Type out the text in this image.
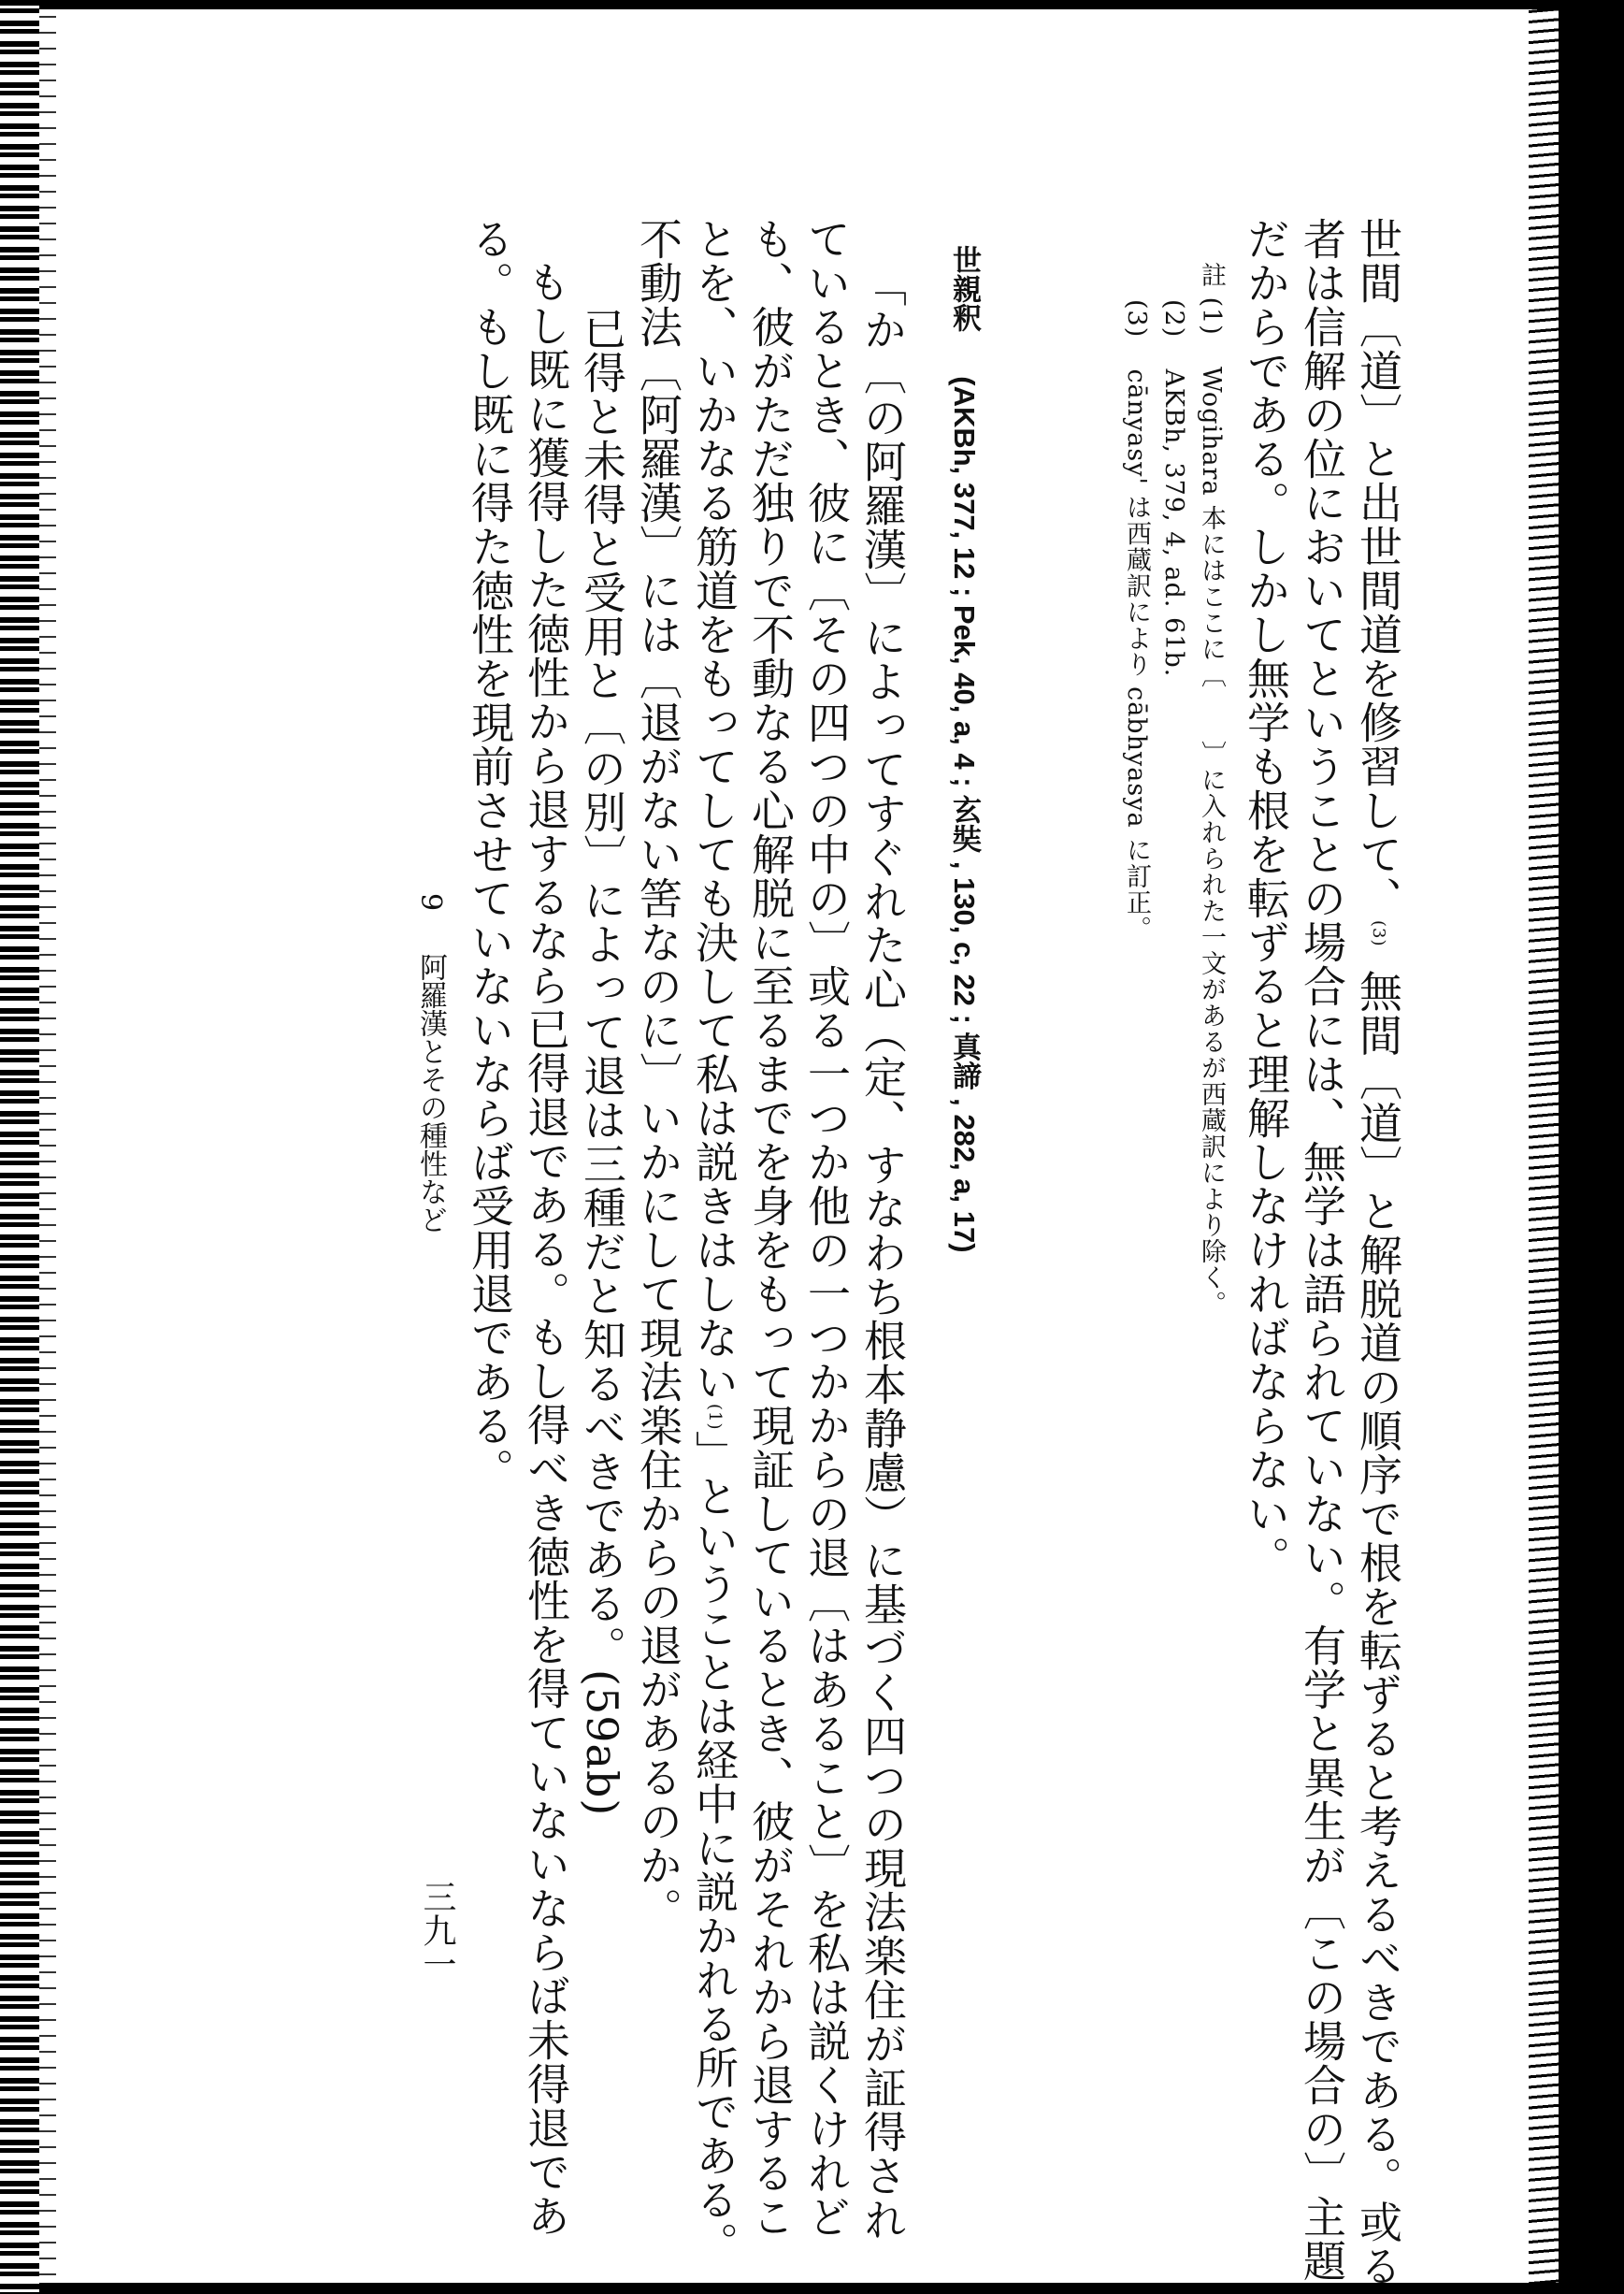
世間〔道〕と出世間道を修習して、(3)無間〔道〕と解脱道の順序で根を転ずると考えるべきである。或る
者は信解の位においてということの場合には、無学は語られていない。有学と異生が〔この場合の〕主題
だからである。しかし無学も根を転ずると理解しなければならない。
註 (1)  Wogihara 本にはここに〔　　〕に入れられた一文があるが西蔵訳により除く。
(2)  AKBh, 379, 4, ad. 61b.
(3)  cānyasy' は西蔵訳により cābhyasya に訂正。
世親釈  (AKBh, 377, 12 ; Pek, 40, a, 4 ; 玄奘 , 130, c, 22 ; 真諦 , 282, a, 17)
「か〔の阿羅漢〕によってすぐれた心（定、すなわち根本静慮）に基づく四つの現法楽住が証得され
ているとき、彼に〔その四つの中の〕或る一つか他の一つかからの退〔はあること〕を私は説くけれど
も、彼がただ独りで不動なる心解脱に至るまでを身をもって現証しているとき、彼がそれから退するこ
とを、いかなる筋道をもってしても決して私は説きはしない(1)」ということは経中に説かれる所である。
不動法〔阿羅漢〕には〔退がない筈なのに〕いかにして現法楽住からの退があるのか。
已得と未得と受用と〔の別〕によって退は三種だと知るべきである。(59ab)
もし既に獲得した徳性から退するなら已得退である。もし得べき徳性を得ていないならば未得退であ
る。もし既に得た徳性を現前させていないならば受用退である。
9  阿羅漢とその種性など
三九一
